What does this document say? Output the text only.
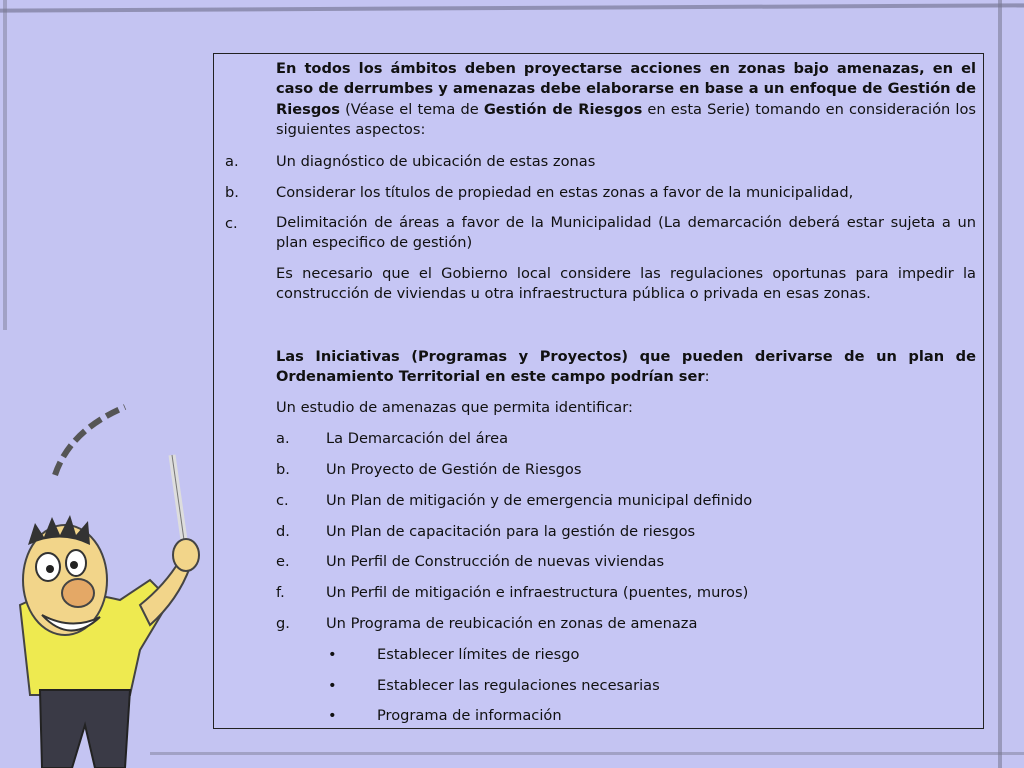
En todos los ámbitos deben proyectarse acciones en zonas bajo amenazas, en el caso de derrumbes y amenazas debe elaborarse en base a un enfoque de Gestión de Riesgos (Véase el tema de Gestión de Riesgos en esta Serie) tomando en consideración los siguientes aspectos:
a.	Un diagnóstico de ubicación de estas zonas
b.	Considerar los títulos de propiedad en estas zonas a favor de la municipalidad,
c.	Delimitación de áreas a favor de la Municipalidad (La demarcación deberá estar sujeta a un plan especifico de gestión)
Es necesario que el Gobierno local considere las regulaciones oportunas para impedir la construcción de viviendas u otra infraestructura pública o privada en esas zonas.
Las Iniciativas (Programas y Proyectos) que pueden derivarse de un plan de Ordenamiento Territorial en este campo podrían ser:
Un estudio de amenazas que permita identificar:
a. La Demarcación del área
b. Un Proyecto de Gestión de Riesgos
c.	Un Plan de mitigación y de emergencia municipal definido
d. Un Plan de capacitación para la gestión de riesgos
e. Un Perfil de Construcción de nuevas viviendas
f.	Un Perfil de mitigación e infraestructura (puentes, muros)
g. Un Programa de reubicación en zonas de amenaza
•	Establecer límites de riesgo
•	Establecer las regulaciones necesarias
•	Programa de información
